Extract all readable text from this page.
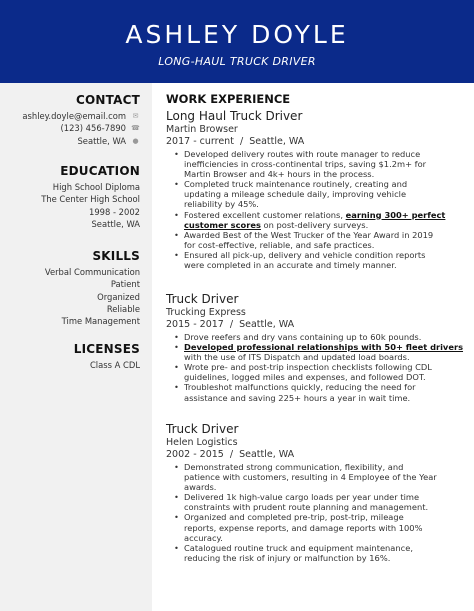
ASHLEY DOYLE
LONG-HAUL TRUCK DRIVER
CONTACT
ashley.doyle@email.com ✉
(123) 456-7890 ☎
Seattle, WA ●
EDUCATION
High School Diploma
The Center High School
1998 - 2002
Seattle, WA
SKILLS
Verbal Communication
Patient
Organized
Reliable
Time Management
LICENSES
Class A CDL
WORK EXPERIENCE
Long Haul Truck Driver
Martin Browser
2017 - current  /  Seattle, WA
• Developed delivery routes with route manager to reduce
inefficiencies in cross-continental trips, saving $1.2m+ for
Martin Browser and 4k+ hours in the process.
• Completed truck maintenance routinely, creating and
updating a mileage schedule daily, improving vehicle
reliability by 45%.
• Fostered excellent customer relations, earning 300+ perfect
customer scores on post-delivery surveys.
• Awarded Best of the West Trucker of the Year Award in 2019
for cost-effective, reliable, and safe practices.
• Ensured all pick-up, delivery and vehicle condition reports
were completed in an accurate and timely manner.
Truck Driver
Trucking Express
2015 - 2017  /  Seattle, WA
• Drove reefers and dry vans containing up to 60k pounds.
• Developed professional relationships with 50+ fleet drivers
with the use of ITS Dispatch and updated load boards.
• Wrote pre- and post-trip inspection checklists following CDL
guidelines, logged miles and expenses, and followed DOT.
• Troubleshot malfunctions quickly, reducing the need for
assistance and saving 225+ hours a year in wait time.
Truck Driver
Helen Logistics
2002 - 2015  /  Seattle, WA
• Demonstrated strong communication, flexibility, and
patience with customers, resulting in 4 Employee of the Year
awards.
• Delivered 1k high-value cargo loads per year under time
constraints with prudent route planning and management.
• Organized and completed pre-trip, post-trip, mileage
reports, expense reports, and damage reports with 100%
accuracy.
• Catalogued routine truck and equipment maintenance,
reducing the risk of injury or malfunction by 16%.
